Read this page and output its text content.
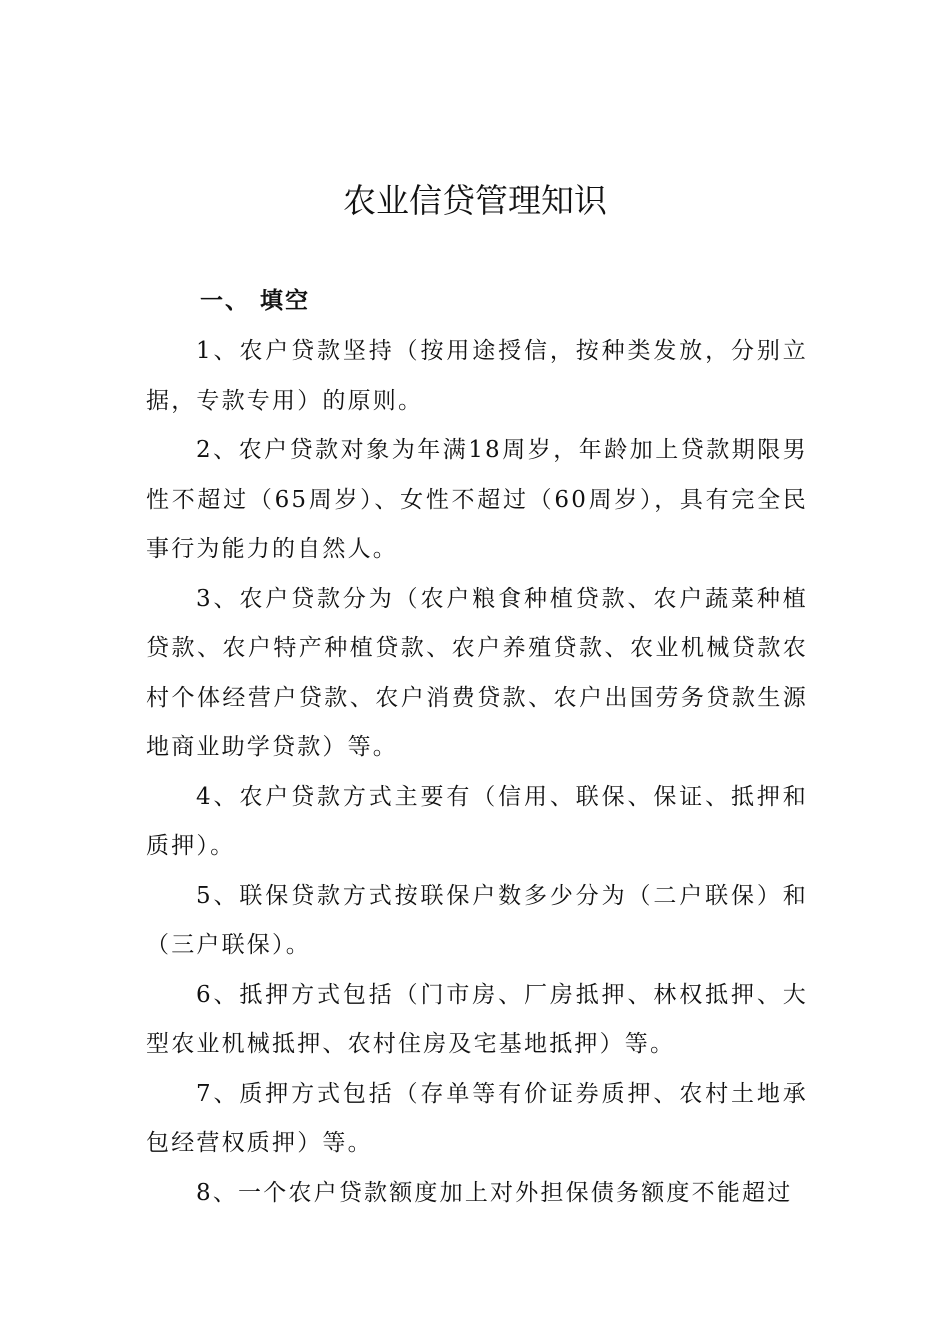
农业信贷管理知识
一、 填空
1、农户贷款坚持（按用途授信，按种类发放，分别立据，专款专用）的原则。
2、农户贷款对象为年满18周岁，年龄加上贷款期限男性不超过（65周岁）、女性不超过（60周岁），具有完全民事行为能力的自然人。
3、农户贷款分为（农户粮食种植贷款、农户蔬菜种植贷款、农户特产种植贷款、农户养殖贷款、农业机械贷款农村个体经营户贷款、农户消费贷款、农户出国劳务贷款生源地商业助学贷款）等。
4、农户贷款方式主要有（信用、联保、保证、抵押和质押）。
5、联保贷款方式按联保户数多少分为（二户联保）和（三户联保）。
6、抵押方式包括（门市房、厂房抵押、林权抵押、大型农业机械抵押、农村住房及宅基地抵押）等。
7、质押方式包括（存单等有价证券质押、农村土地承包经营权质押）等。
8、一个农户贷款额度加上对外担保债务额度不能超过
